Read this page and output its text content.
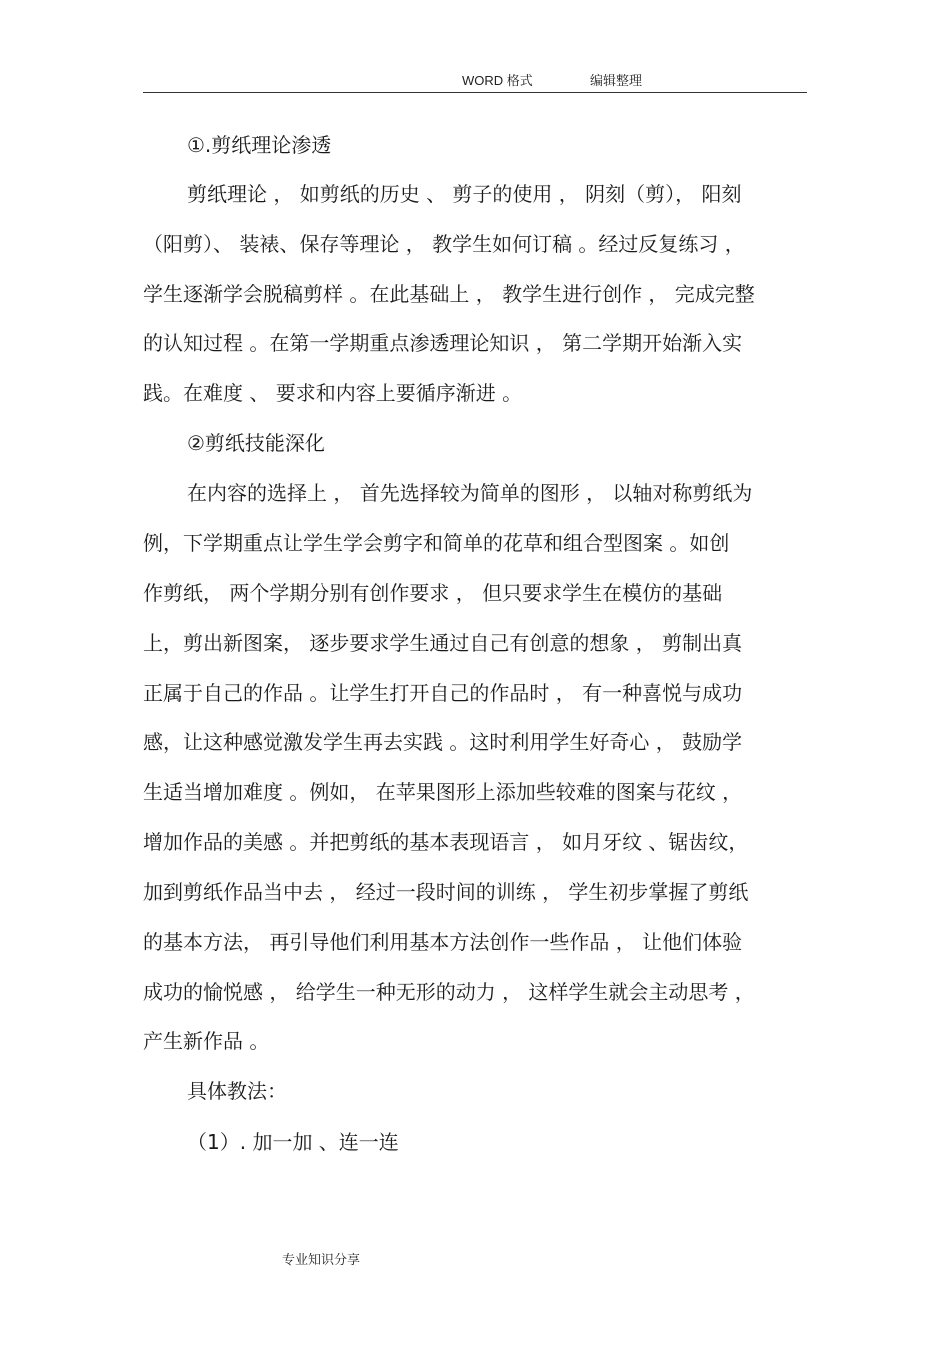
WORD 格式	编辑整理
①.剪纸理论渗透
剪纸理论 ， 如剪纸的历史 、 剪子的使用 ， 阴刻（剪）， 阳刻
（阳剪）、 装裱、保存等理论 ， 教学生如何订稿 。经过反复练习 ，
学生逐渐学会脱稿剪样 。在此基础上 ， 教学生进行创作 ， 完成完整
的认知过程 。在第一学期重点渗透理论知识 ， 第二学期开始渐入实
践。在难度 、 要求和内容上要循序渐进 。
②剪纸技能深化
在内容的选择上 ， 首先选择较为简单的图形 ， 以轴对称剪纸为
例，下学期重点让学生学会剪字和简单的花草和组合型图案 。如创
作剪纸， 两个学期分别有创作要求 ， 但只要求学生在模仿的基础
上，剪出新图案， 逐步要求学生通过自己有创意的想象 ， 剪制出真
正属于自己的作品 。让学生打开自己的作品时 ， 有一种喜悦与成功
感，让这种感觉激发学生再去实践 。这时利用学生好奇心 ， 鼓励学
生适当增加难度 。例如， 在苹果图形上添加些较难的图案与花纹 ，
增加作品的美感 。并把剪纸的基本表现语言 ， 如月牙纹 、锯齿纹，
加到剪纸作品当中去 ， 经过一段时间的训练 ， 学生初步掌握了剪纸
的基本方法， 再引导他们利用基本方法创作一些作品 ， 让他们体验
成功的愉悦感 ， 给学生一种无形的动力 ， 这样学生就会主动思考 ，
产生新作品 。
具体教法：
（1）. 加一加 、连一连
专业知识分享
